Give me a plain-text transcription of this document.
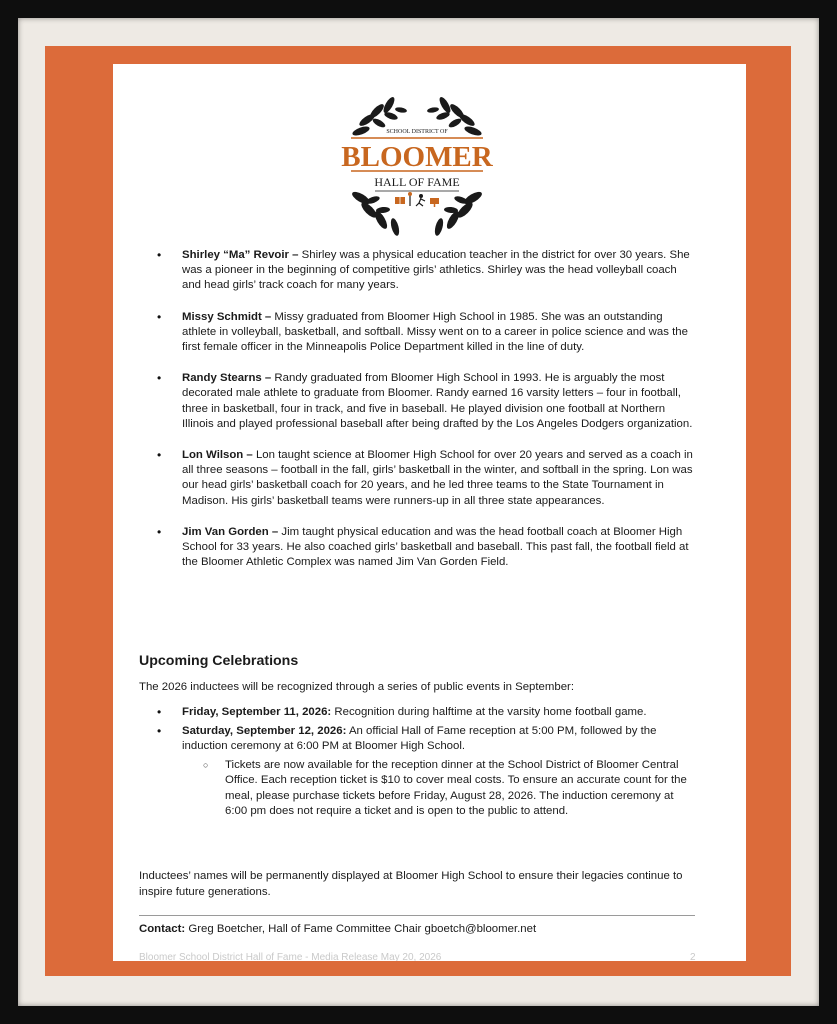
SCHOOL DISTRICT OF
BLOOMER
HALL OF FAME
• Shirley “Ma” Revoir – Shirley was a physical education teacher in the district for over 30 years. She was a pioneer in the beginning of competitive girls’ athletics. Shirley was the head volleyball coach and head girls’ track coach for many years.
• Missy Schmidt – Missy graduated from Bloomer High School in 1985. She was an outstanding athlete in volleyball, basketball, and softball. Missy went on to a career in police science and was the first female officer in the Minneapolis Police Department killed in the line of duty.
• Randy Stearns – Randy graduated from Bloomer High School in 1993. He is arguably the most decorated male athlete to graduate from Bloomer. Randy earned 16 varsity letters – four in football, three in basketball, four in track, and five in baseball. He played division one football at Northern Illinois and played professional baseball after being drafted by the Los Angeles Dodgers organization.
• Lon Wilson – Lon taught science at Bloomer High School for over 20 years and served as a coach in all three seasons – football in the fall, girls’ basketball in the winter, and softball in the spring. Lon was our head girls’ basketball coach for 20 years, and he led three teams to the State Tournament in Madison. His girls’ basketball teams were runners-up in all three state appearances.
• Jim Van Gorden – Jim taught physical education and was the head football coach at Bloomer High School for 33 years. He also coached girls’ basketball and baseball. This past fall, the football field at the Bloomer Athletic Complex was named Jim Van Gorden Field.
Upcoming Celebrations

The 2026 inductees will be recognized through a series of public events in September:

• Friday, September 11, 2026: Recognition during halftime at the varsity home football game.
• Saturday, September 12, 2026: An official Hall of Fame reception at 5:00 PM, followed by the induction ceremony at 6:00 PM at Bloomer High School.
○ Tickets are now available for the reception dinner at the School District of Bloomer Central Office. Each reception ticket is $10 to cover meal costs. To ensure an accurate count for the meal, please purchase tickets before Friday, August 28, 2026. The induction ceremony at 6:00 pm does not require a ticket and is open to the public to attend.

Inductees’ names will be permanently displayed at Bloomer High School to ensure their legacies continue to inspire future generations.

Contact: Greg Boetcher, Hall of Fame Committee Chair gboetch@bloomer.net

Bloomer School District Hall of Fame - Media Release May 20, 2026	2
